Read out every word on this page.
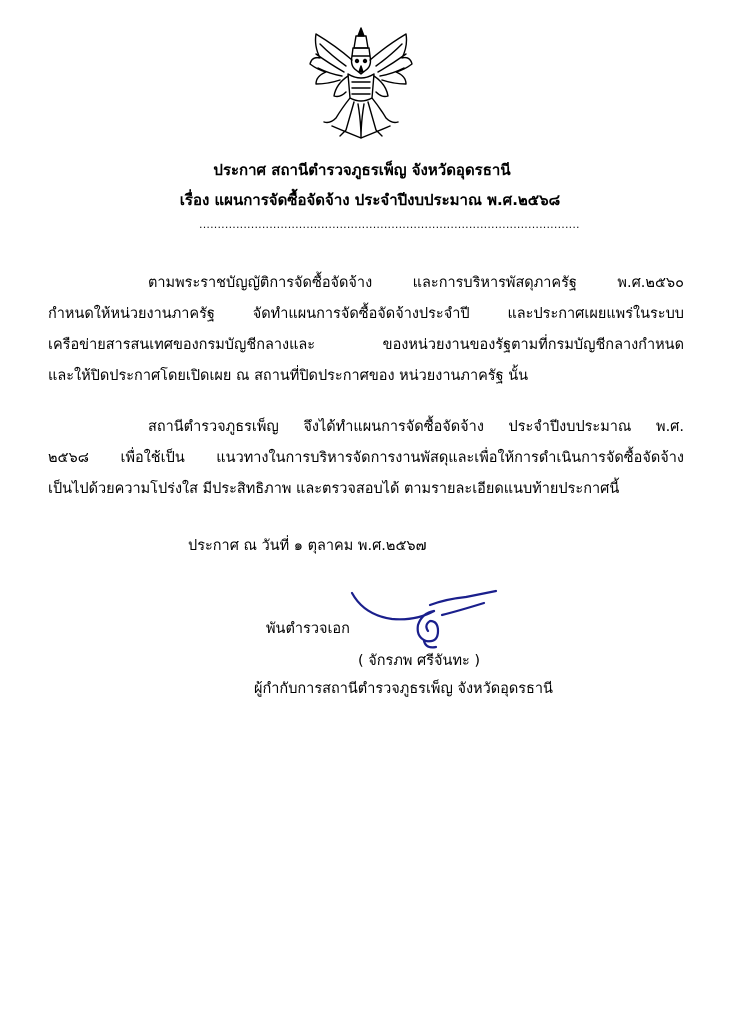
ประกาศ สถานีตำรวจภูธรเพ็ญ จังหวัดอุดรธานี
เรื่อง แผนการจัดซื้อจัดจ้าง ประจำปีงบประมาณ พ.ศ.๒๕๖๘
.......................................................................................................
ตามพระราชบัญญัติการจัดซื้อจัดจ้าง และการบริหารพัสดุภาครัฐ พ.ศ.๒๕๖๐
กำหนดให้หน่วยงานภาครัฐ จัดทำแผนการจัดซื้อจัดจ้างประจำปี และประกาศเผยแพร่ในระบบ
เครือข่ายสารสนเทศของกรมบัญชีกลางและ ของหน่วยงานของรัฐตามที่กรมบัญชีกลางกำหนด
และให้ปิดประกาศโดยเปิดเผย ณ สถานที่ปิดประกาศของ หน่วยงานภาครัฐ นั้น
สถานีตำรวจภูธรเพ็ญ จึงได้ทำแผนการจัดซื้อจัดจ้าง ประจำปีงบประมาณ พ.ศ.
๒๕๖๘ เพื่อใช้เป็น แนวทางในการบริหารจัดการงานพัสดุและเพื่อให้การดำเนินการจัดซื้อจัดจ้าง
เป็นไปด้วยความโปร่งใส มีประสิทธิภาพ และตรวจสอบได้ ตามรายละเอียดแนบท้ายประกาศนี้
ประกาศ ณ วันที่ ๑ ตุลาคม พ.ศ.๒๕๖๗
พันตำรวจเอก
( จักรภพ ศรีจันทะ )
ผู้กำกับการสถานีตำรวจภูธรเพ็ญ จังหวัดอุดรธานี
